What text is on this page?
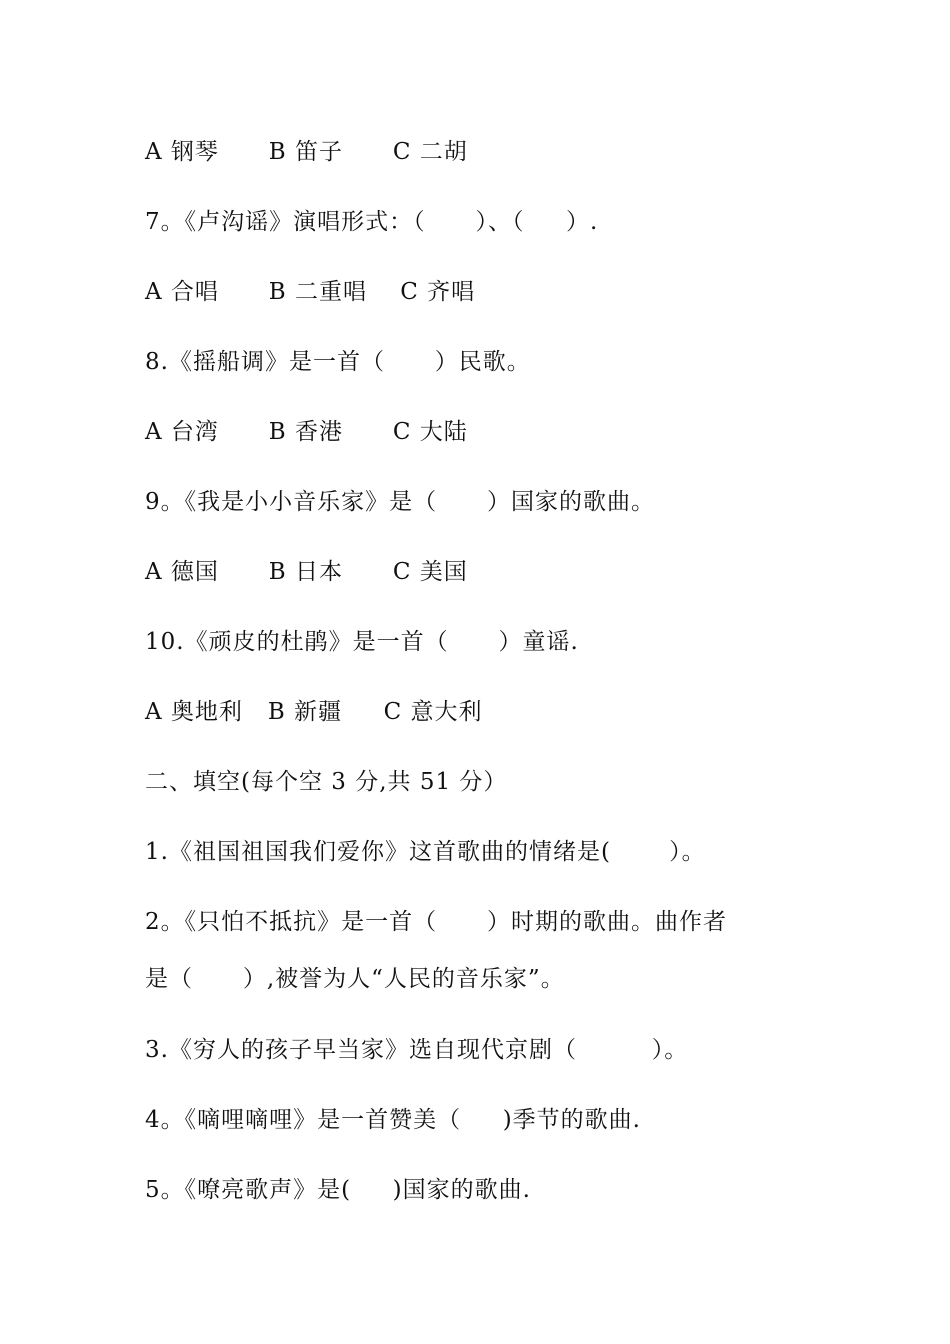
A 钢琴      B 笛子      C 二胡
7。《卢沟谣》演唱形式：（      ）、（     ）.
A 合唱      B 二重唱    C 齐唱
8.《摇船调》是一首（      ）民歌。
A 台湾      B 香港      C 大陆
9。《我是小小音乐家》是（      ）国家的歌曲。
A 德国      B 日本      C 美国
10.《顽皮的杜鹃》是一首（      ）童谣.
A 奥地利   B 新疆     C 意大利
二、填空(每个空 3 分,共 51 分）
1.《祖国祖国我们爱你》这首歌曲的情绪是(       ）。
2。《只怕不抵抗》是一首（      ）时期的歌曲。曲作者
是（      ）,被誉为人“人民的音乐家”。
3.《穷人的孩子早当家》选自现代京剧（         ）。
4。《嘀哩嘀哩》是一首赞美（     )季节的歌曲.
5。《嘹亮歌声》是(     )国家的歌曲.
